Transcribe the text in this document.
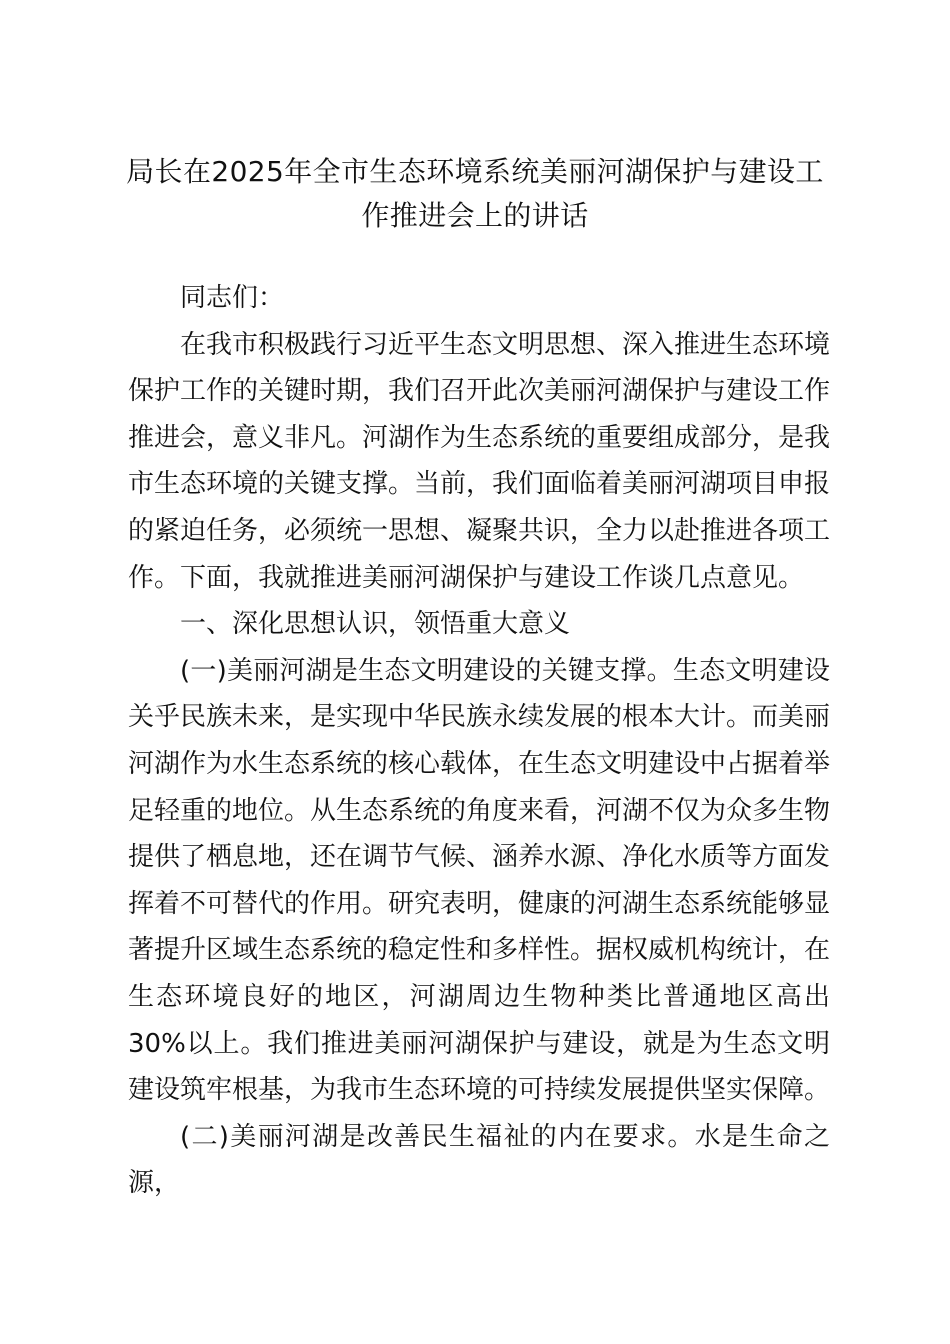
局长在2025年全市生态环境系统美丽河湖保护与建设工作推进会上的讲话

同志们：

在我市积极践行习近平生态文明思想、深入推进生态环境保护工作的关键时期，我们召开此次美丽河湖保护与建设工作推进会，意义非凡。河湖作为生态系统的重要组成部分，是我市生态环境的关键支撑。当前，我们面临着美丽河湖项目申报的紧迫任务，必须统一思想、凝聚共识，全力以赴推进各项工作。下面，我就推进美丽河湖保护与建设工作谈几点意见。

一、深化思想认识，领悟重大意义

(一)美丽河湖是生态文明建设的关键支撑。生态文明建设关乎民族未来，是实现中华民族永续发展的根本大计。而美丽河湖作为水生态系统的核心载体，在生态文明建设中占据着举足轻重的地位。从生态系统的角度来看，河湖不仅为众多生物提供了栖息地，还在调节气候、涵养水源、净化水质等方面发挥着不可替代的作用。研究表明，健康的河湖生态系统能够显著提升区域生态系统的稳定性和多样性。据权威机构统计，在生态环境良好的地区，河湖周边生物种类比普通地区高出30%以上。我们推进美丽河湖保护与建设，就是为生态文明建设筑牢根基，为我市生态环境的可持续发展提供坚实保障。

(二)美丽河湖是改善民生福祉的内在要求。水是生命之源，
